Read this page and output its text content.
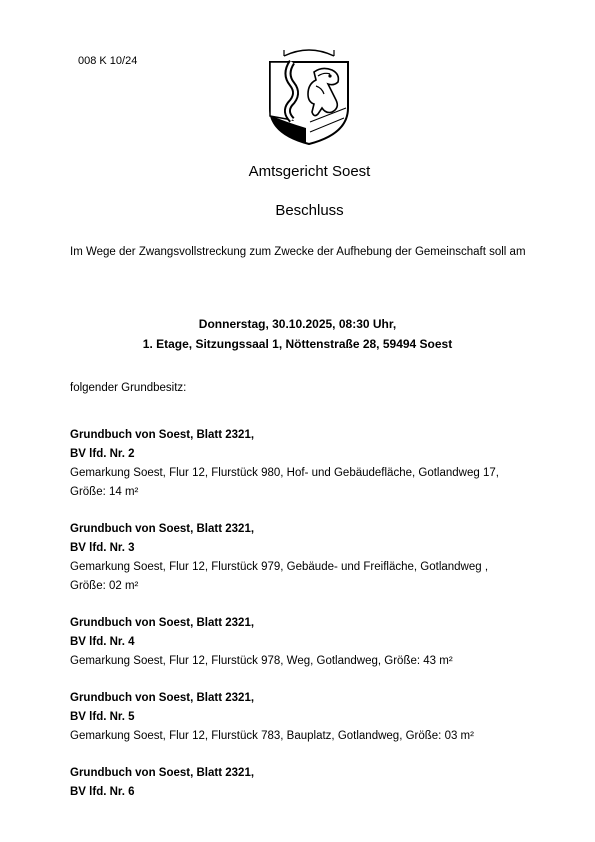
008 K 10/24
Amtsgericht Soest
Beschluss
Im Wege der Zwangsvollstreckung zum Zwecke der Aufhebung der Gemeinschaft soll am
Donnerstag, 30.10.2025, 08:30 Uhr,
1. Etage, Sitzungssaal 1, Nöttenstraße 28, 59494 Soest
folgender Grundbesitz:
Grundbuch von Soest, Blatt 2321,
BV lfd. Nr. 2
Gemarkung Soest, Flur 12, Flurstück 980, Hof- und Gebäudefläche, Gotlandweg 17,
Größe: 14 m²
Grundbuch von Soest, Blatt 2321,
BV lfd. Nr. 3
Gemarkung Soest, Flur 12, Flurstück 979, Gebäude- und Freifläche, Gotlandweg ,
Größe: 02 m²
Grundbuch von Soest, Blatt 2321,
BV lfd. Nr. 4
Gemarkung Soest, Flur 12, Flurstück 978, Weg, Gotlandweg, Größe: 43 m²
Grundbuch von Soest, Blatt 2321,
BV lfd. Nr. 5
Gemarkung Soest, Flur 12, Flurstück 783, Bauplatz, Gotlandweg, Größe: 03 m²
Grundbuch von Soest, Blatt 2321,
BV lfd. Nr. 6
